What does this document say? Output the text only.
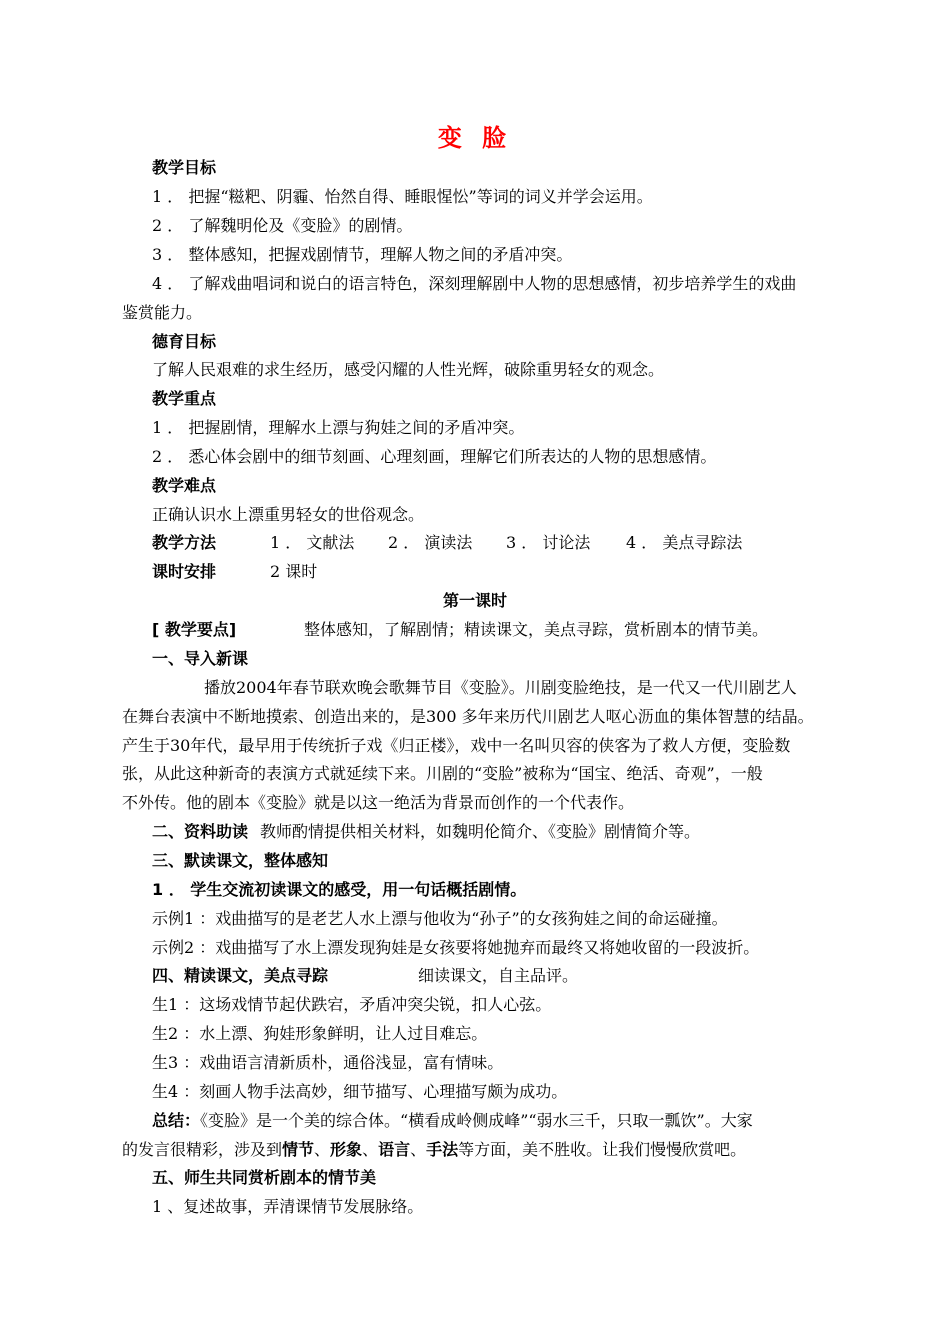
变 脸
教学目标
1 ． 把握“糍粑、阴霾、怡然自得、睡眼惺忪”等词的词义并学会运用。
2 ． 了解魏明伦及《变脸》的剧情。
3 ． 整体感知，把握戏剧情节，理解人物之间的矛盾冲突。
4 ． 了解戏曲唱词和说白的语言特色，深刻理解剧中人物的思想感情，初步培养学生的戏曲
鉴赏能力。
德育目标
了解人民艰难的求生经历，感受闪耀的人性光辉，破除重男轻女的观念。
教学重点
1 ． 把握剧情，理解水上漂与狗娃之间的矛盾冲突。
2 ． 悉心体会剧中的细节刻画、心理刻画，理解它们所表达的人物的思想感情。
教学难点
正确认识水上漂重男轻女的世俗观念。
教学方法	1 ． 文献法 2 ． 演读法 3 ． 讨论法 4 ． 美点寻踪法
课时安排	2 课时
第一课时
[ 教学要点]	整体感知，了解剧情；精读课文，美点寻踪，赏析剧本的情节美。
一、导入新课
播放2004年春节联欢晚会歌舞节目《变脸》。川剧变脸绝技，是一代又一代川剧艺人
在舞台表演中不断地摸索、创造出来的，是300 多年来历代川剧艺人呕心沥血的集体智慧的结晶。
产生于30年代，最早用于传统折子戏《归正楼》，戏中一名叫贝容的侠客为了救人方便，变脸数
张，从此这种新奇的表演方式就延续下来。川剧的“变脸”被称为“国宝、绝活、奇观”，一般
不外传。他的剧本《变脸》就是以这一绝活为背景而创作的一个代表作。
二、资料助读 教师酌情提供相关材料，如魏明伦简介、《变脸》剧情简介等。
三、默读课文，整体感知
1 ． 学生交流初读课文的感受，用一句话概括剧情。
示例1 ：戏曲描写的是老艺人水上漂与他收为“孙子”的女孩狗娃之间的命运碰撞。
示例2 ：戏曲描写了水上漂发现狗娃是女孩要将她抛弃而最终又将她收留的一段波折。
四、精读课文，美点寻踪	细读课文，自主品评。
生1 ：这场戏情节起伏跌宕，矛盾冲突尖锐，扣人心弦。
生2 ：水上漂、狗娃形象鲜明，让人过目难忘。
生3 ：戏曲语言清新质朴，通俗浅显，富有情味。
生4 ：刻画人物手法高妙，细节描写、心理描写颇为成功。
总结：《变脸》是一个美的综合体。“横看成岭侧成峰”“弱水三千，只取一瓢饮”。大家
的发言很精彩，涉及到情节、形象、语言、手法等方面，美不胜收。让我们慢慢欣赏吧。
五、师生共同赏析剧本的情节美
1 、复述故事，弄清课情节发展脉络。
